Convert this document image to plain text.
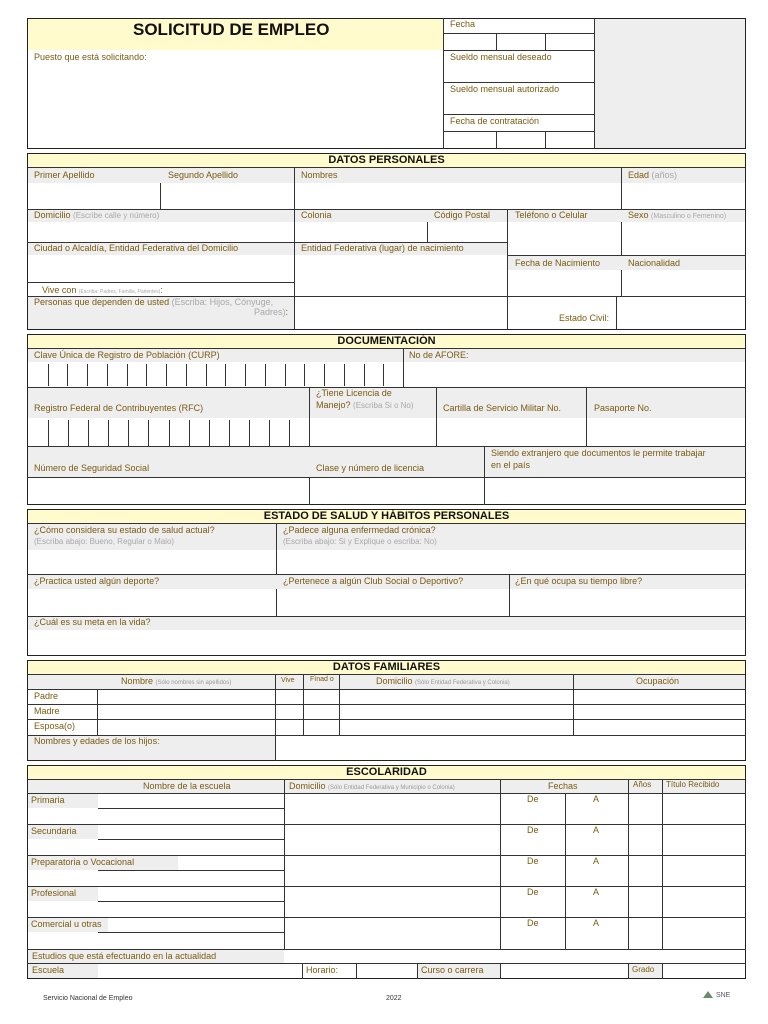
SOLICITUD DE EMPLEO
Puesto que está solicitando:
Fecha
Sueldo mensual deseado
Sueldo mensual autorizado
Fecha de contratación
DATOS PERSONALES
Primer Apellido	Segundo Apellido	Nombres	Edad (años)
Domicilio (Escribe calle y número)	Colonia	Código Postal	Teléfono o Celular	Sexo (Masculino o Femenino)
Ciudad o Alcaldía, Entidad Federativa del Domicilio	Entidad Federativa (lugar) de nacimiento
Fecha de Nacimiento	Nacionalidad
Vive con (Escriba: Padres, Familia, Parientes):
Personas que dependen de usted (Escriba: Hijos, Cónyuge,
Padres):
Estado Civil:
DOCUMENTACIÓN
Clave Única de Registro de Población (CURP)	No de AFORE:
Registro Federal de Contribuyentes (RFC)
¿Tiene Licencia de
Manejo? (Escriba Si o No)	Cartilla de Servicio Militar No.	Pasaporte No.
Número de Seguridad Social	Clase y número de licencia
Siendo extranjero que documentos le permite trabajar
en el país
ESTADO DE SALUD Y HÁBITOS PERSONALES
¿Cómo considera su estado de salud actual?
(Escriba abajo: Bueno, Regular o Malo)
¿Padece alguna enfermedad crónica?
(Escriba abajo: Si y Explique o escriba: No)
¿Practica usted algún deporte?	¿Pertenece a algún Club Social o Deportivo?	¿En qué ocupa su tiempo libre?
¿Cuál es su meta en la vida?
DATOS FAMILIARES
Nombre (Sólo nombres sin apellidos)	Vive Fìnad o	Domicilio (Sólo Entidad Federativa y Colonia)	Ocupación
Padre
Madre
Esposa(o)
Nombres y edades de los hijos:
ESCOLARIDAD
Nombre de la escuela	Domicilio (Sólo Entidad Federativa y Municipio o Colonia)	Fechas	Años Título Recibido
Primaria	De	A
Secundaria	De	A
Preparatoria o Vocacional	De	A
Profesional	De	A
Comercial u otras	De	A
Estudios que está efectuando en la actualidad
Escuela	Horario:	Curso o carrera	Grado
Servicio Nacional de Empleo	2022	SNE
